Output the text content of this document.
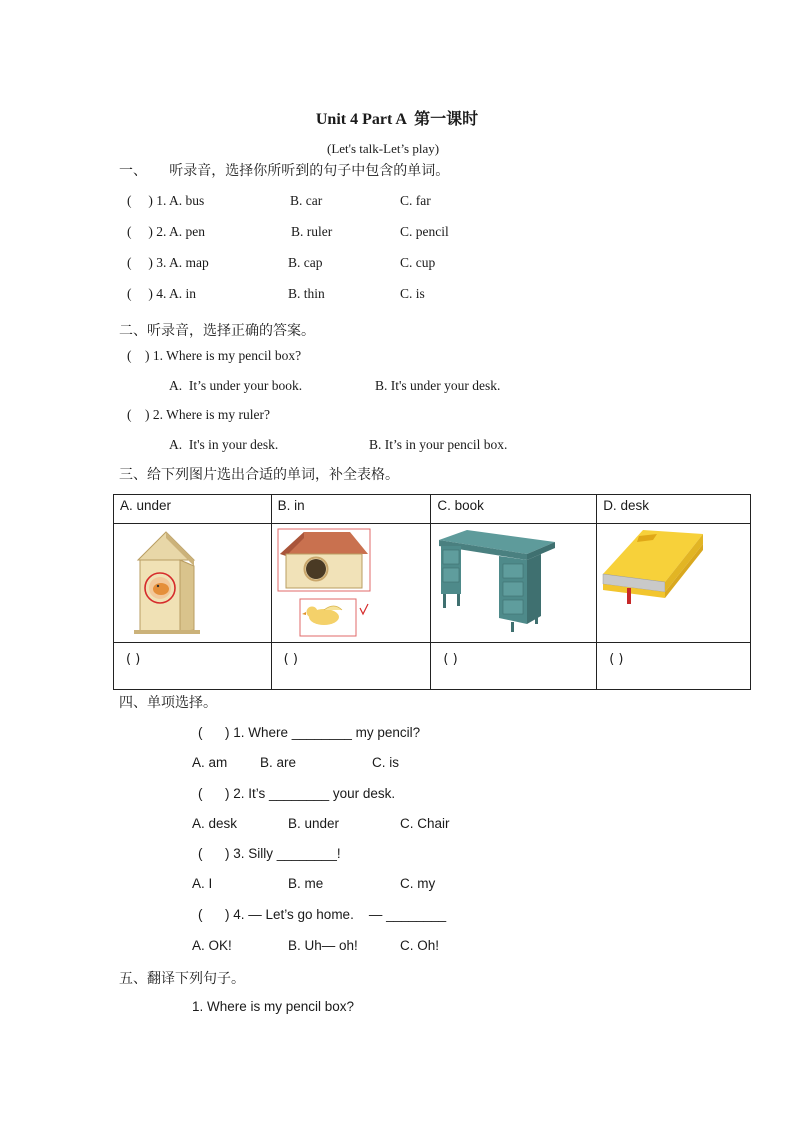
Unit 4 Part A  第一课时
(Let's talk-Let’s play)
一、     听录音，选择你所听到的句子中包含的单词。
(     ) 1. A. bus	B. car	C. far
(     ) 2. A. pen	B. ruler	C. pencil
(     ) 3. A. map	B. cap	C. cup
(     ) 4. A. in	B. thin	C. is
二、听录音，选择正确的答案。
(    ) 1. Where is my pencil box?
A.  It’s under your book.	B. It's under your desk.
(    ) 2. Where is my ruler?
A.  It's in your desk.	B. It’s in your pencil box.
三、给下列图片选出合适的单词，补全表格。
A. under	B. in	C. book	D. desk

( )	( )	( )	( )
四、单项选择。
(      ) 1. Where ________ my pencil?
A. am B. are	C. is
(      ) 2. It’s ________ your desk.
A. desk	B. under	C. Chair
(      ) 3. Silly ________!
A. I	B. me	C. my
(      ) 4. — Let’s go home.    — ________
A. OK!	B. Uh— oh!	C. Oh!
五、翻译下列句子。
1. Where is my pencil box?
